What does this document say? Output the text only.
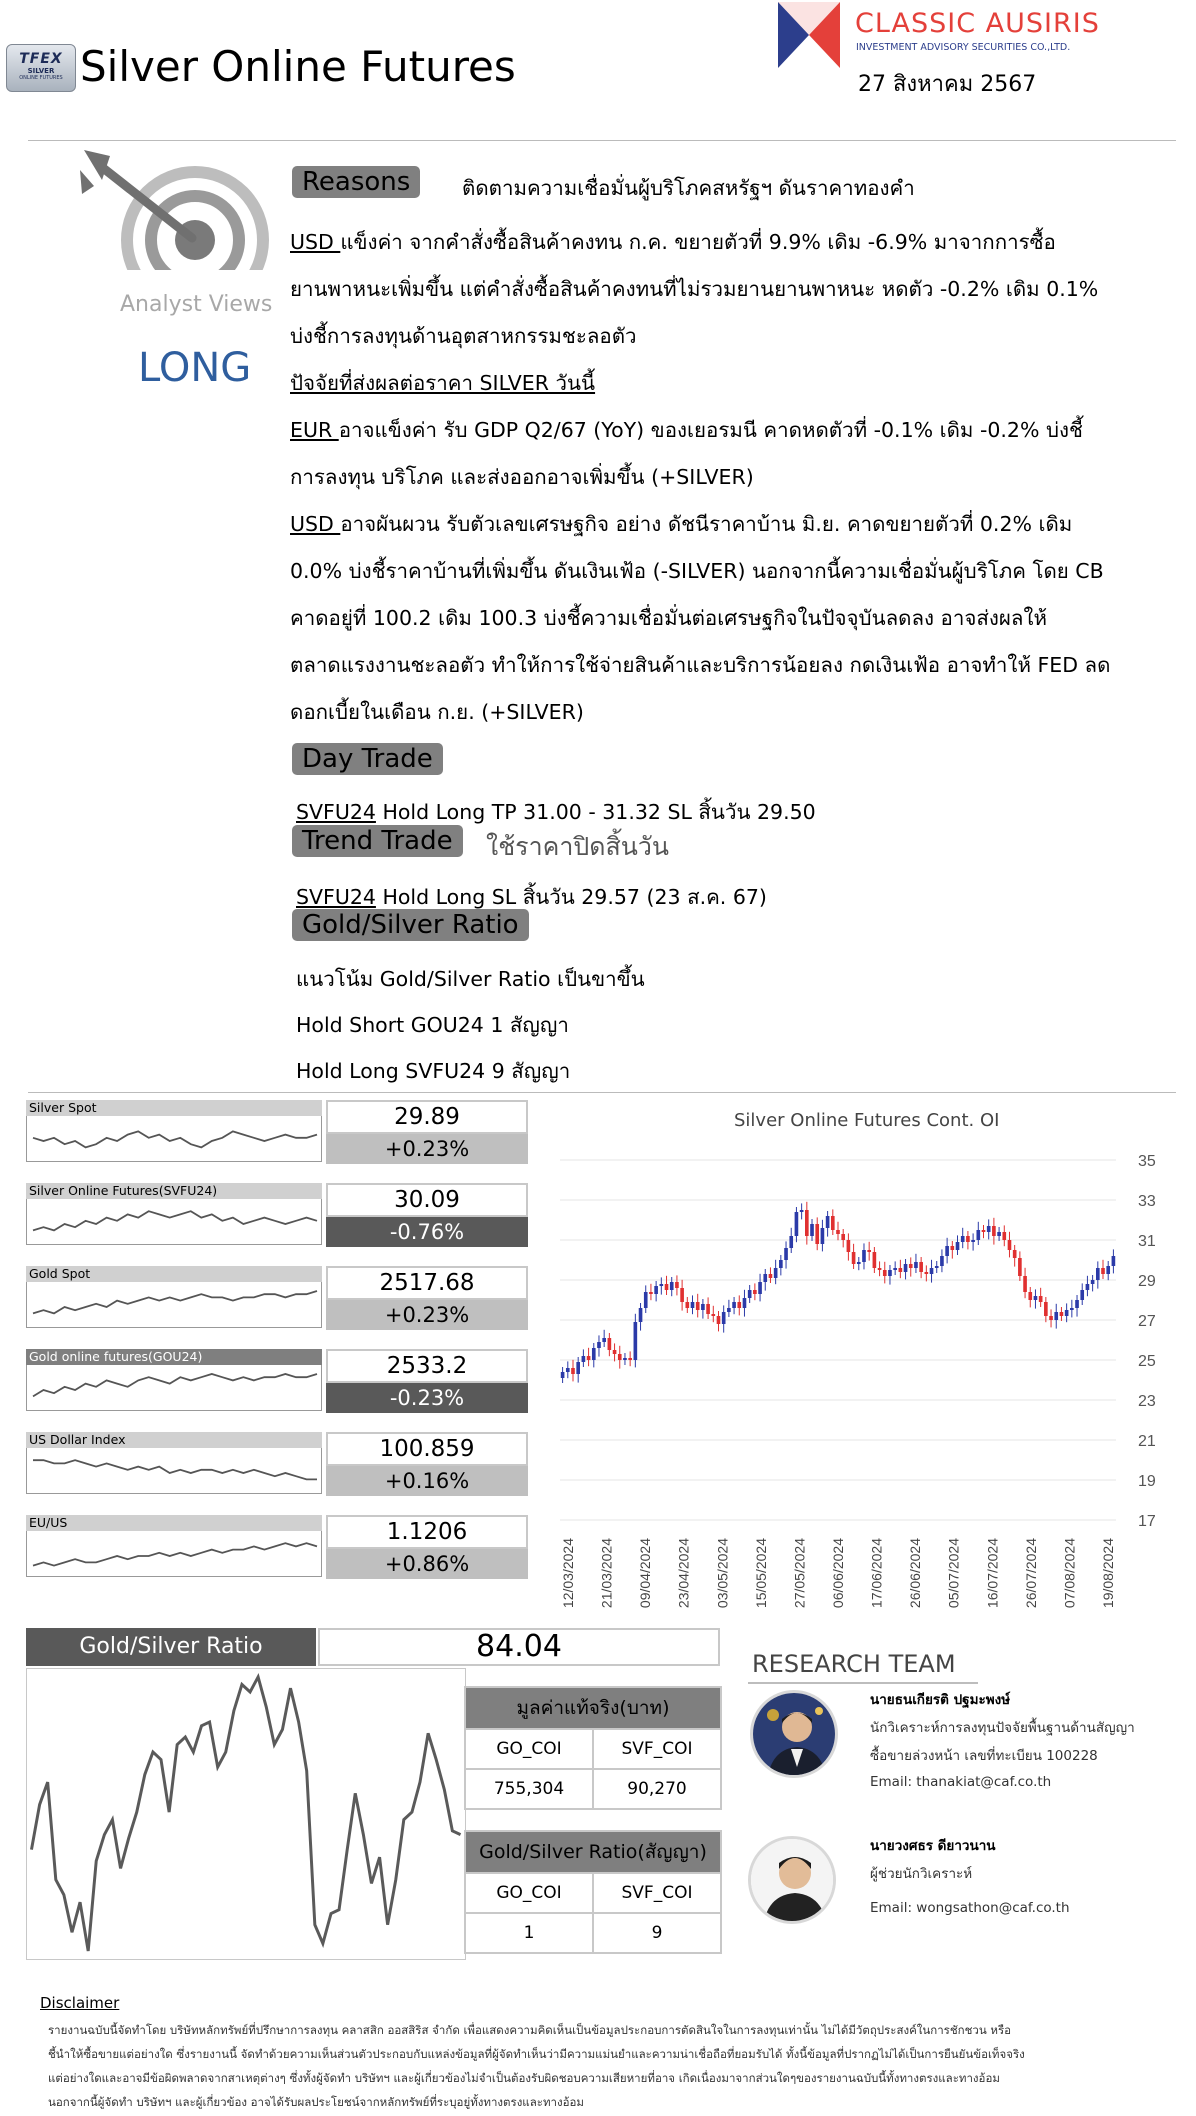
TFEX
SILVER
ONLINE FUTURES Silver Online Futures
CLASSIC AUSIRIS
INVESTMENT ADVISORY SECURITIES CO.,LTD.
27 สิงหาคม 2567
Analyst Views
LONG
Reasons	ติดตามความเชื่อมั่นผู้บริโภคสหรัฐฯ ดันราคาทองคำ
USD แข็งค่า จากคำสั่งซื้อสินค้าคงทน ก.ค. ขยายตัวที่ 9.9% เดิม -6.9% มาจากการซื้อ
ยานพาหนะเพิ่มขึ้น แต่คำสั่งซื้อสินค้าคงทนที่ไม่รวมยานยานพาหนะ หดตัว -0.2% เดิม 0.1%
บ่งชี้การลงทุนด้านอุตสาหกรรมชะลอตัว
ปัจจัยที่ส่งผลต่อราคา SILVER วันนี้
EUR อาจแข็งค่า รับ GDP Q2/67 (YoY) ของเยอรมนี คาดหดตัวที่ -0.1% เดิม -0.2% บ่งชี้
การลงทุน บริโภค และส่งออกอาจเพิ่มขึ้น (+SILVER)
USD อาจผันผวน รับตัวเลขเศรษฐกิจ อย่าง ดัชนีราคาบ้าน มิ.ย. คาดขยายตัวที่ 0.2% เดิม
0.0% บ่งชี้ราคาบ้านที่เพิ่มขึ้น ดันเงินเฟ้อ (-SILVER) นอกจากนี้ความเชื่อมั่นผู้บริโภค โดย CB
คาดอยู่ที่ 100.2 เดิม 100.3 บ่งชี้ความเชื่อมั่นต่อเศรษฐกิจในปัจจุบันลดลง อาจส่งผลให้
ตลาดแรงงานชะลอตัว ทำให้การใช้จ่ายสินค้าและบริการน้อยลง กดเงินเฟ้อ อาจทำให้ FED ลด
ดอกเบี้ยในเดือน ก.ย. (+SILVER)
Day Trade
SVFU24 Hold Long TP 31.00 - 31.32 SL สิ้นวัน 29.50
Trend Trade	ใช้ราคาปิดสิ้นวัน
SVFU24 Hold Long SL สิ้นวัน 29.57 (23 ส.ค. 67)
Gold/Silver Ratio
แนวโน้ม Gold/Silver Ratio เป็นขาขึ้น
Hold Short GOU24 1 สัญญา
Hold Long SVFU24 9 สัญญา
Silver Spot	29.89
+0.23%
Silver Online Futures(SVFU24)	30.09
-0.76%
Gold Spot	2517.68
+0.23%
Gold online futures(GOU24)	2533.2
-0.23%
US Dollar Index	100.859
+0.16%
EU/US	1.1206
+0.86%
Silver Online Futures Cont. OI
35
33
31
29
27
25
23
21
19
17
12/03/2024 21/03/2024 09/04/2024 23/04/2024 03/05/2024 15/05/2024 27/05/2024 06/06/2024 17/06/2024 26/06/2024 05/07/2024 16/07/2024 26/07/2024 07/08/2024 19/08/2024
Gold/Silver Ratio	84.04
มูลค่าแท้จริง(บาท)	
GO_COI	SVF_COI
755,304	90,270
Gold/Silver Ratio(สัญญา)	
GO_COI	SVF_COI
1	9
RESEARCH TEAM
นายธนเกียรติ ปฐมะพงษ์
นักวิเคราะห์การลงทุนปัจจัยพื้นฐานด้านสัญญา
ซื้อขายล่วงหน้า เลขที่ทะเบียน 100228
Email: thanakiat@caf.co.th
นายวงศธร ดียาวนาน
ผู้ช่วยนักวิเคราะห์
Email: wongsathon@caf.co.th
Disclaimer
รายงานฉบับนี้จัดทำโดย บริษัทหลักทรัพย์ที่ปรึกษาการลงทุน คลาสสิก ออสสิริส จำกัด เพื่อแสดงความคิดเห็นเป็นข้อมูลประกอบการตัดสินใจในการลงทุนเท่านั้น ไม่ได้มีวัตถุประสงค์ในการชักชวน หรือ
ชี้นำให้ซื้อขายแต่อย่างใด ซึ่งรายงานนี้ จัดทำด้วยความเห็นส่วนตัวประกอบกับแหล่งข้อมูลที่ผู้จัดทำเห็นว่ามีความแม่นยำและความน่าเชื่อถือที่ยอมรับได้ ทั้งนี้ข้อมูลที่ปรากฏไม่ได้เป็นการยืนยันข้อเท็จจริง
แต่อย่างใดและอาจมีข้อผิดพลาดจากสาเหตุต่างๆ ซึ่งทั้งผู้จัดทำ บริษัทฯ และผู้เกี่ยวข้องไม่จำเป็นต้องรับผิดชอบความเสียหายที่อาจ เกิดเนื่องมาจากส่วนใดๆของรายงานฉบับนี้ทั้งทางตรงและทางอ้อม
นอกจากนี้ผู้จัดทำ บริษัทฯ และผู้เกี่ยวข้อง อาจได้รับผลประโยชน์จากหลักทรัพย์ที่ระบุอยู่ทั้งทางตรงและทางอ้อม
